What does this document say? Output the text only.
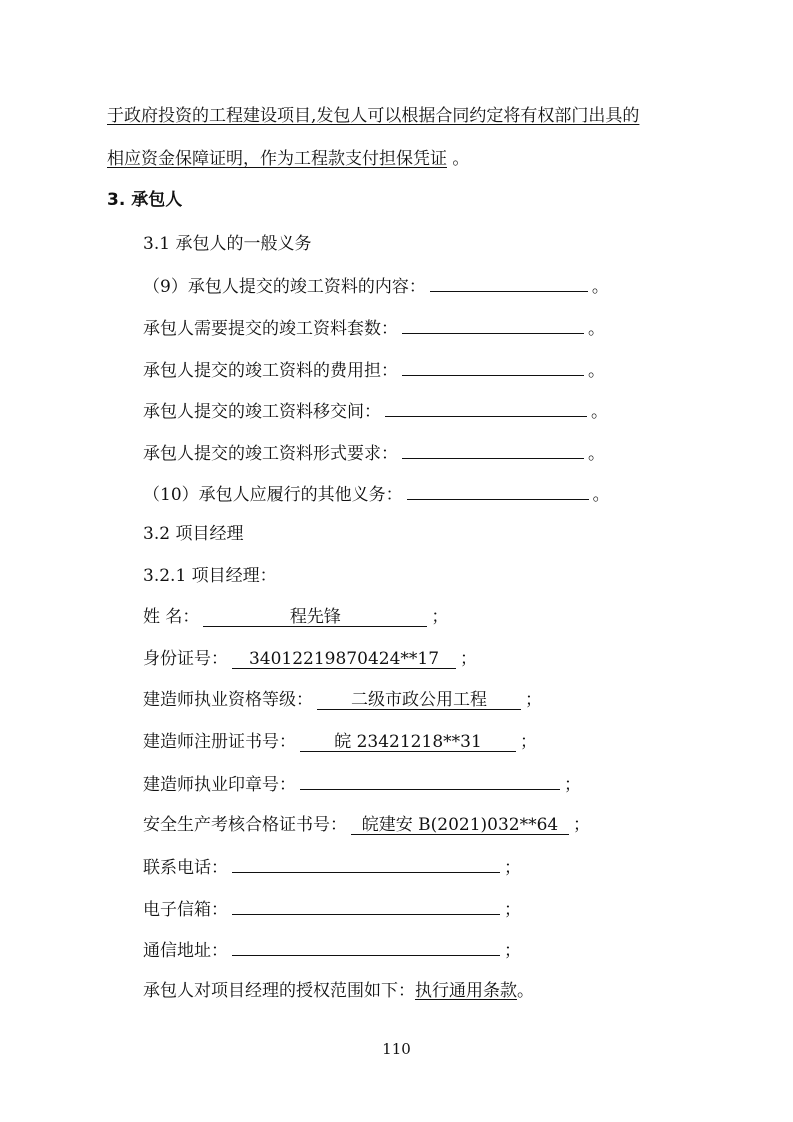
于政府投资的工程建设项目,发包人可以根据合同约定将有权部门出具的
相应资金保障证明，作为工程款支付担保凭证 。
3. 承包人
3.1 承包人的一般义务
（9）承包人提交的竣工资料的内容：	。
承包人需要提交的竣工资料套数：	。
承包人提交的竣工资料的费用担：	。
承包人提交的竣工资料移交间：	。
承包人提交的竣工资料形式要求：	。
（10）承包人应履行的其他义务：	。
3.2 项目经理
3.2.1 项目经理：
姓 名：	程先锋	；
身份证号： 34012219870424**17 ；
建造师执业资格等级： 二级市政公用工程 ；
建造师注册证书号： 皖 23421218**31 ；
建造师执业印章号：	；
安全生产考核合格证书号： 皖建安 B(2021)032**64 ；
联系电话：	；
电子信箱：	；
通信地址：	；
承包人对项目经理的授权范围如下：执行通用条款。
110
